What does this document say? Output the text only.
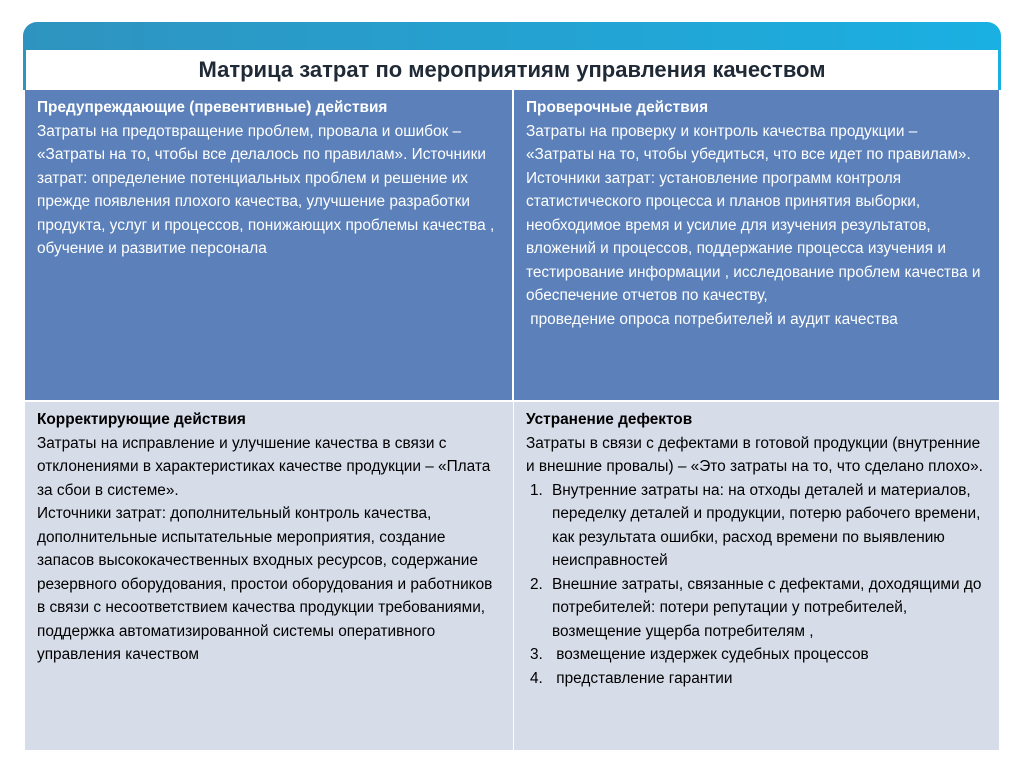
Матрица затрат по мероприятиям управления качеством

Предупреждающие (превентивные) действия

Затраты на предотвращение проблем, провала и ошибок – «Затраты на то, чтобы все делалось по правилам». Источники затрат: определение потенциальных проблем и решение их прежде появления плохого качества, улучшение разработки продукта, услуг и процессов, понижающих проблемы качества , обучение и развитие персонала

Проверочные действия

Затраты на проверку и контроль качества продукции – «Затраты на то, чтобы убедиться, что все идет по правилам».

Источники затрат: установление программ контроля статистического процесса и планов принятия выборки, необходимое время и усилие для изучения результатов, вложений и процессов, поддержание процесса изучения и тестирование информации , исследование проблем качества и обеспечение отчетов по качеству,

проведение опроса потребителей и аудит качества

Корректирующие действия

Затраты на исправление и улучшение качества в связи с отклонениями в характеристиках качестве продукции – «Плата за сбои в системе».

Источники затрат: дополнительный контроль качества, дополнительные испытательные мероприятия, создание запасов высококачественных входных ресурсов, содержание резервного оборудования, простои оборудования и работников в связи с несоответствием качества продукции требованиями, поддержка автоматизированной системы оперативного управления качеством

Устранение дефектов

Затраты в связи с дефектами в готовой продукции (внутренние и внешние провалы) – «Это затраты на то, что сделано плохо».

1. Внутренние затраты на: на отходы деталей и материалов, переделку деталей и продукции, потерю рабочего времени, как результата ошибки, расход времени по выявлению неисправностей
2. Внешние затраты, связанные с дефектами, доходящими до потребителей: потери репутации у потребителей, возмещение ущерба потребителям ,
3. возмещение издержек судебных процессов
4. представление гарантии
